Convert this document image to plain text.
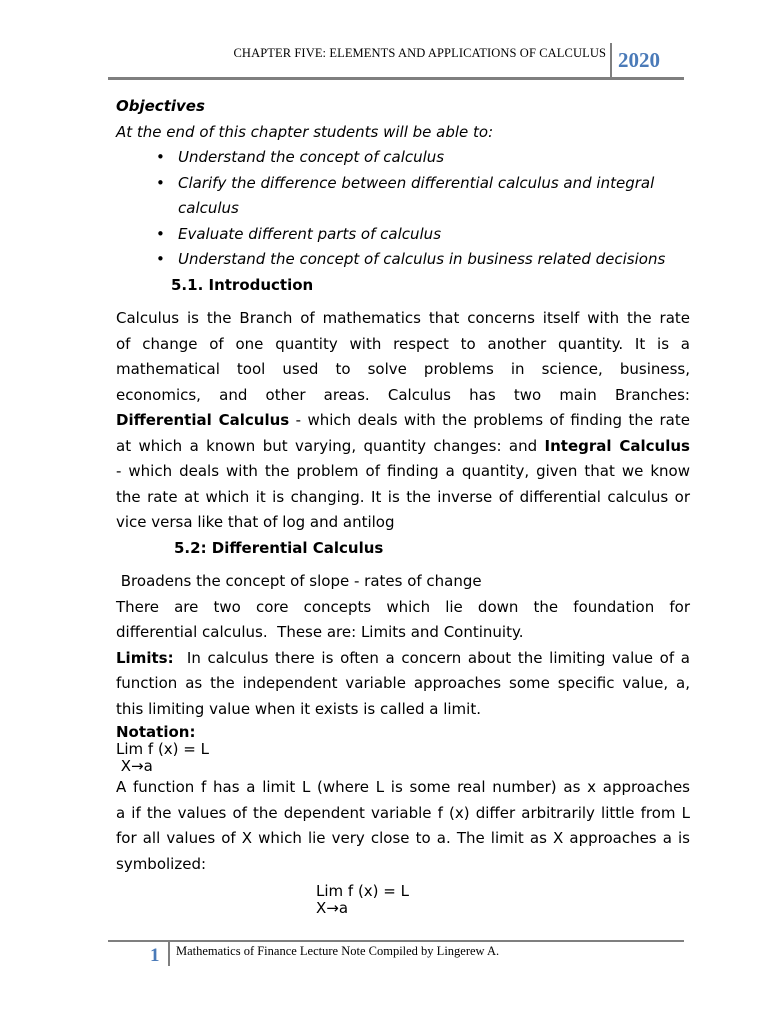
CHAPTER FIVE: ELEMENTS AND APPLICATIONS OF CALCULUS 2020
Objectives
At the end of this chapter students will be able to:
• Understand the concept of calculus
• Clarify the difference between differential calculus and integral
calculus
• Evaluate different parts of calculus
• Understand the concept of calculus in business related decisions
5.1. Introduction
Calculus is the Branch of mathematics that concerns itself with the rate
of change of one quantity with respect to another quantity. It is a
mathematical tool used to solve problems in science, business,
economics, and other areas. Calculus has two main Branches:
Differential Calculus - which deals with the problems of finding the rate
at which a known but varying, quantity changes: and Integral Calculus
- which deals with the problem of finding a quantity, given that we know
the rate at which it is changing. It is the inverse of differential calculus or
vice versa like that of log and antilog
5.2: Differential Calculus
Broadens the concept of slope - rates of change
There are two core concepts which lie down the foundation for
differential calculus.  These are: Limits and Continuity.
Limits:  In calculus there is often a concern about the limiting value of a
function as the independent variable approaches some specific value, a,
this limiting value when it exists is called a limit.
Notation:
Lim f (x) = L
X→a
A function f has a limit L (where L is some real number) as x approaches
a if the values of the dependent variable f (x) differ arbitrarily little from L
for all values of X which lie very close to a. The limit as X approaches a is
symbolized:
Lim f (x) = L
X→a
1 Mathematics of Finance Lecture Note Compiled by Lingerew A.
